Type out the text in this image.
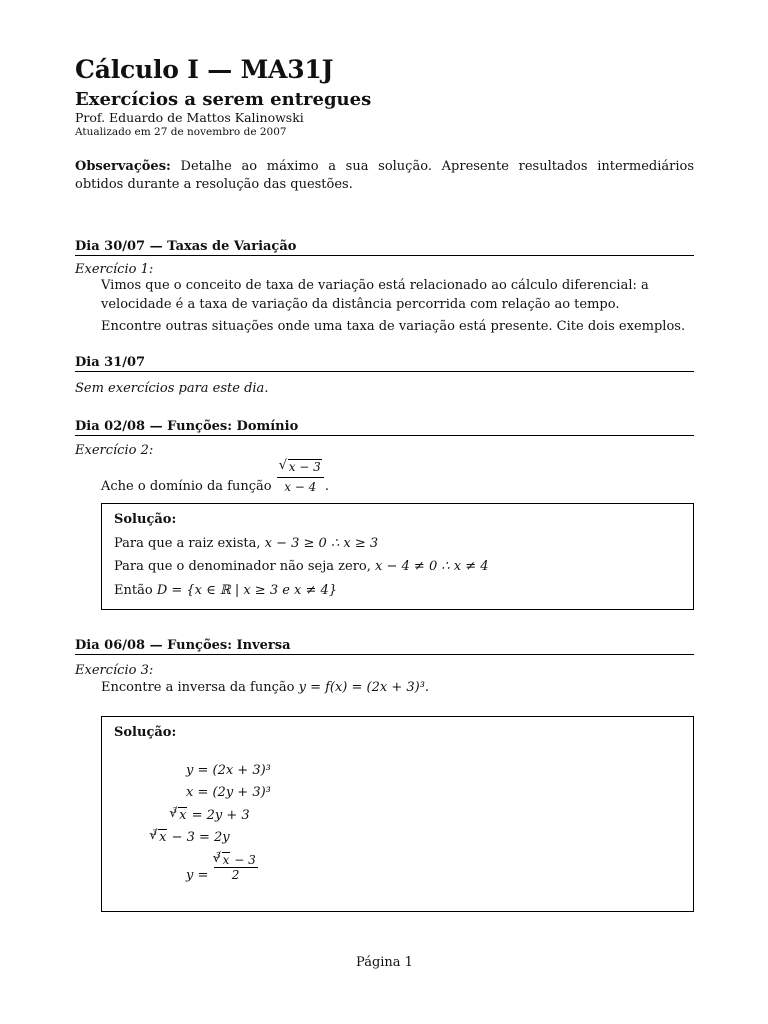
Cálculo I — MA31J
Exercícios a serem entregues
Prof. Eduardo de Mattos Kalinowski
Atualizado em 27 de novembro de 2007
Observações: Detalhe ao máximo a sua solução. Apresente resultados intermediários obtidos durante a resolução das questões.
Dia 30/07 — Taxas de Variação
Exercício 1:
Vimos que o conceito de taxa de variação está relacionado ao cálculo diferencial: a velocidade é a taxa de variação da distância percorrida com relação ao tempo.
Encontre outras situações onde uma taxa de variação está presente. Cite dois exemplos.
Dia 31/07
Sem exercícios para este dia.
Dia 02/08 — Funções: Domínio
Exercício 2:
Ache o domínio da função √ $\frac{x - 3}{x - 4}$ .
Solução:
Para que a raiz exista, x − 3 ≥ 0 ∴ x ≥ 3
Para que o denominador não seja zero, x − 4 ≠ 0 ∴ x ≠ 4
Então D = {x ∈ ℝ | x ≥ 3 e x ≠ 4}
Dia 06/08 — Funções: Inversa
Exercício 3:
Encontre a inversa da função y = f(x) = (2x + 3)³.
Solução:
y = (2x + 3)³
x = (2y + 3)³
$^3$ √ x = 2y + 3
$^3$ √ x − 3 = 2y
$y = \frac{^3 √ x - 3}{2}$
Página 1
